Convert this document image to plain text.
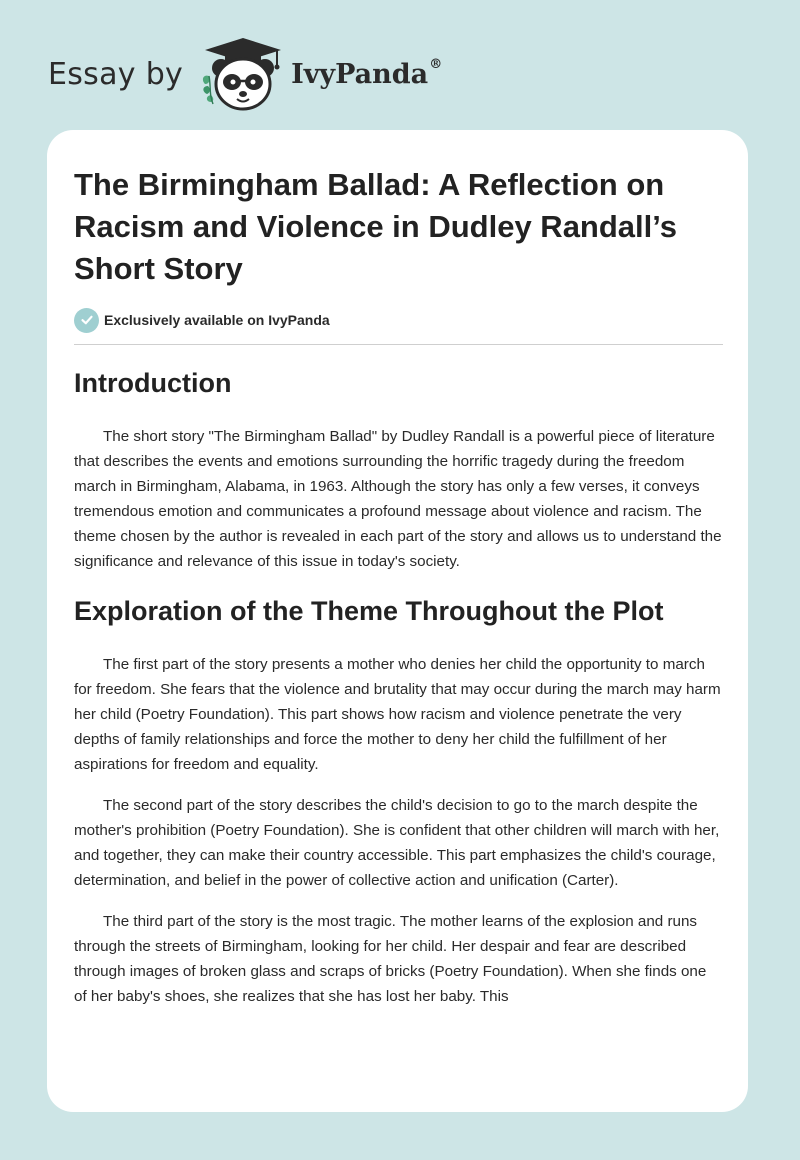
Essay by	IvyPanda®
The Birmingham Ballad: A Reflection on Racism and Violence in Dudley Randall’s Short Story
Exclusively available on IvyPanda
Introduction

The short story "The Birmingham Ballad" by Dudley Randall is a powerful piece of literature that describes the events and emotions surrounding the horrific tragedy during the freedom march in Birmingham, Alabama, in 1963. Although the story has only a few verses, it conveys tremendous emotion and communicates a profound message about violence and racism. The theme chosen by the author is revealed in each part of the story and allows us to understand the significance and relevance of this issue in today's society.

Exploration of the Theme Throughout the Plot

The first part of the story presents a mother who denies her child the opportunity to march for freedom. She fears that the violence and brutality that may occur during the march may harm her child (Poetry Foundation). This part shows how racism and violence penetrate the very depths of family relationships and force the mother to deny her child the fulfillment of her aspirations for freedom and equality.

The second part of the story describes the child's decision to go to the march despite the mother's prohibition (Poetry Foundation). She is confident that other children will march with her, and together, they can make their country accessible. This part emphasizes the child's courage, determination, and belief in the power of collective action and unification (Carter).

The third part of the story is the most tragic. The mother learns of the explosion and runs through the streets of Birmingham, looking for her child. Her despair and fear are described through images of broken glass and scraps of bricks (Poetry Foundation). When she finds one of her baby's shoes, she realizes that she has lost her baby. This
